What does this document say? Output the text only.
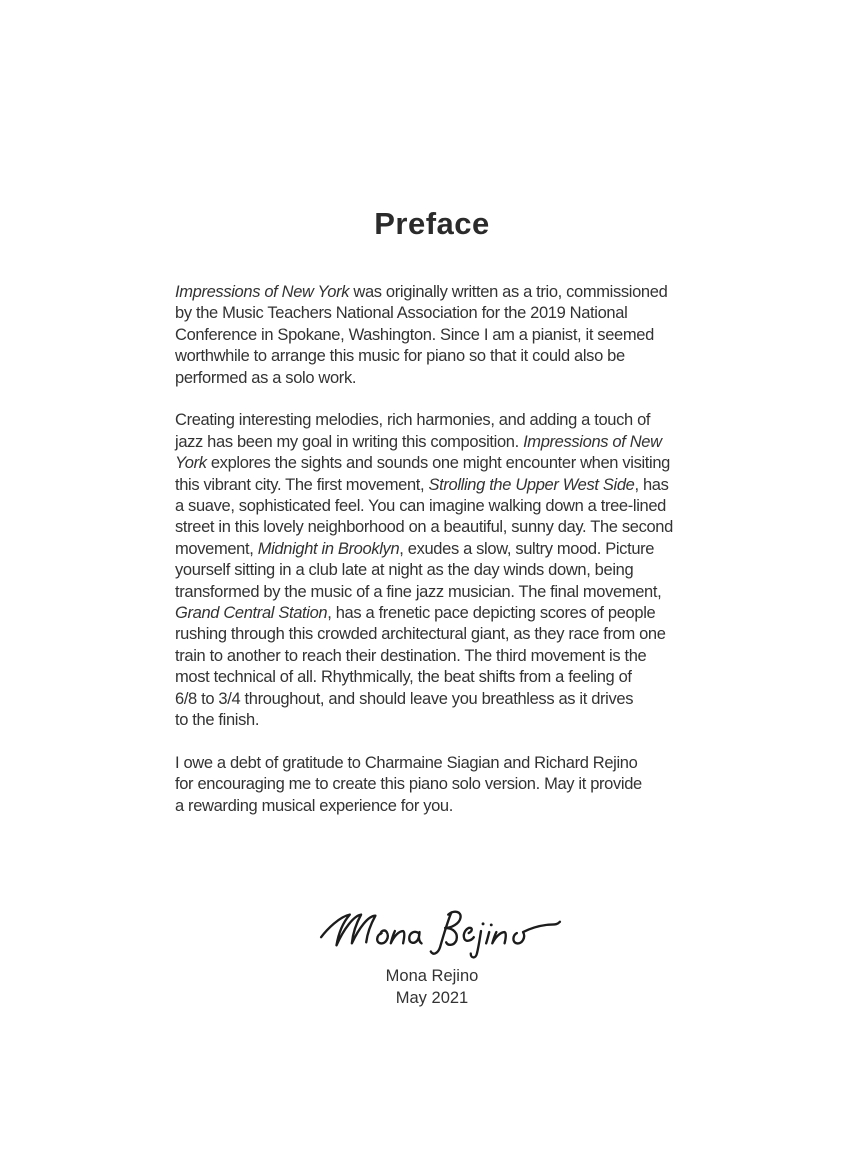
Preface
Impressions of New York was originally written as a trio, commissioned
by the Music Teachers National Association for the 2019 National
Conference in Spokane, Washington. Since I am a pianist, it seemed
worthwhile to arrange this music for piano so that it could also be
performed as a solo work.
Creating interesting melodies, rich harmonies, and adding a touch of
jazz has been my goal in writing this composition. Impressions of New
York explores the sights and sounds one might encounter when visiting
this vibrant city. The first movement, Strolling the Upper West Side, has
a suave, sophisticated feel. You can imagine walking down a tree-lined
street in this lovely neighborhood on a beautiful, sunny day. The second
movement, Midnight in Brooklyn, exudes a slow, sultry mood. Picture
yourself sitting in a club late at night as the day winds down, being
transformed by the music of a fine jazz musician. The final movement,
Grand Central Station, has a frenetic pace depicting scores of people
rushing through this crowded architectural giant, as they race from one
train to another to reach their destination. The third movement is the
most technical of all. Rhythmically, the beat shifts from a feeling of
6/8 to 3/4 throughout, and should leave you breathless as it drives
to the finish.
I owe a debt of gratitude to Charmaine Siagian and Richard Rejino
for encouraging me to create this piano solo version. May it provide
a rewarding musical experience for you.
Mona Rejino
May 2021
